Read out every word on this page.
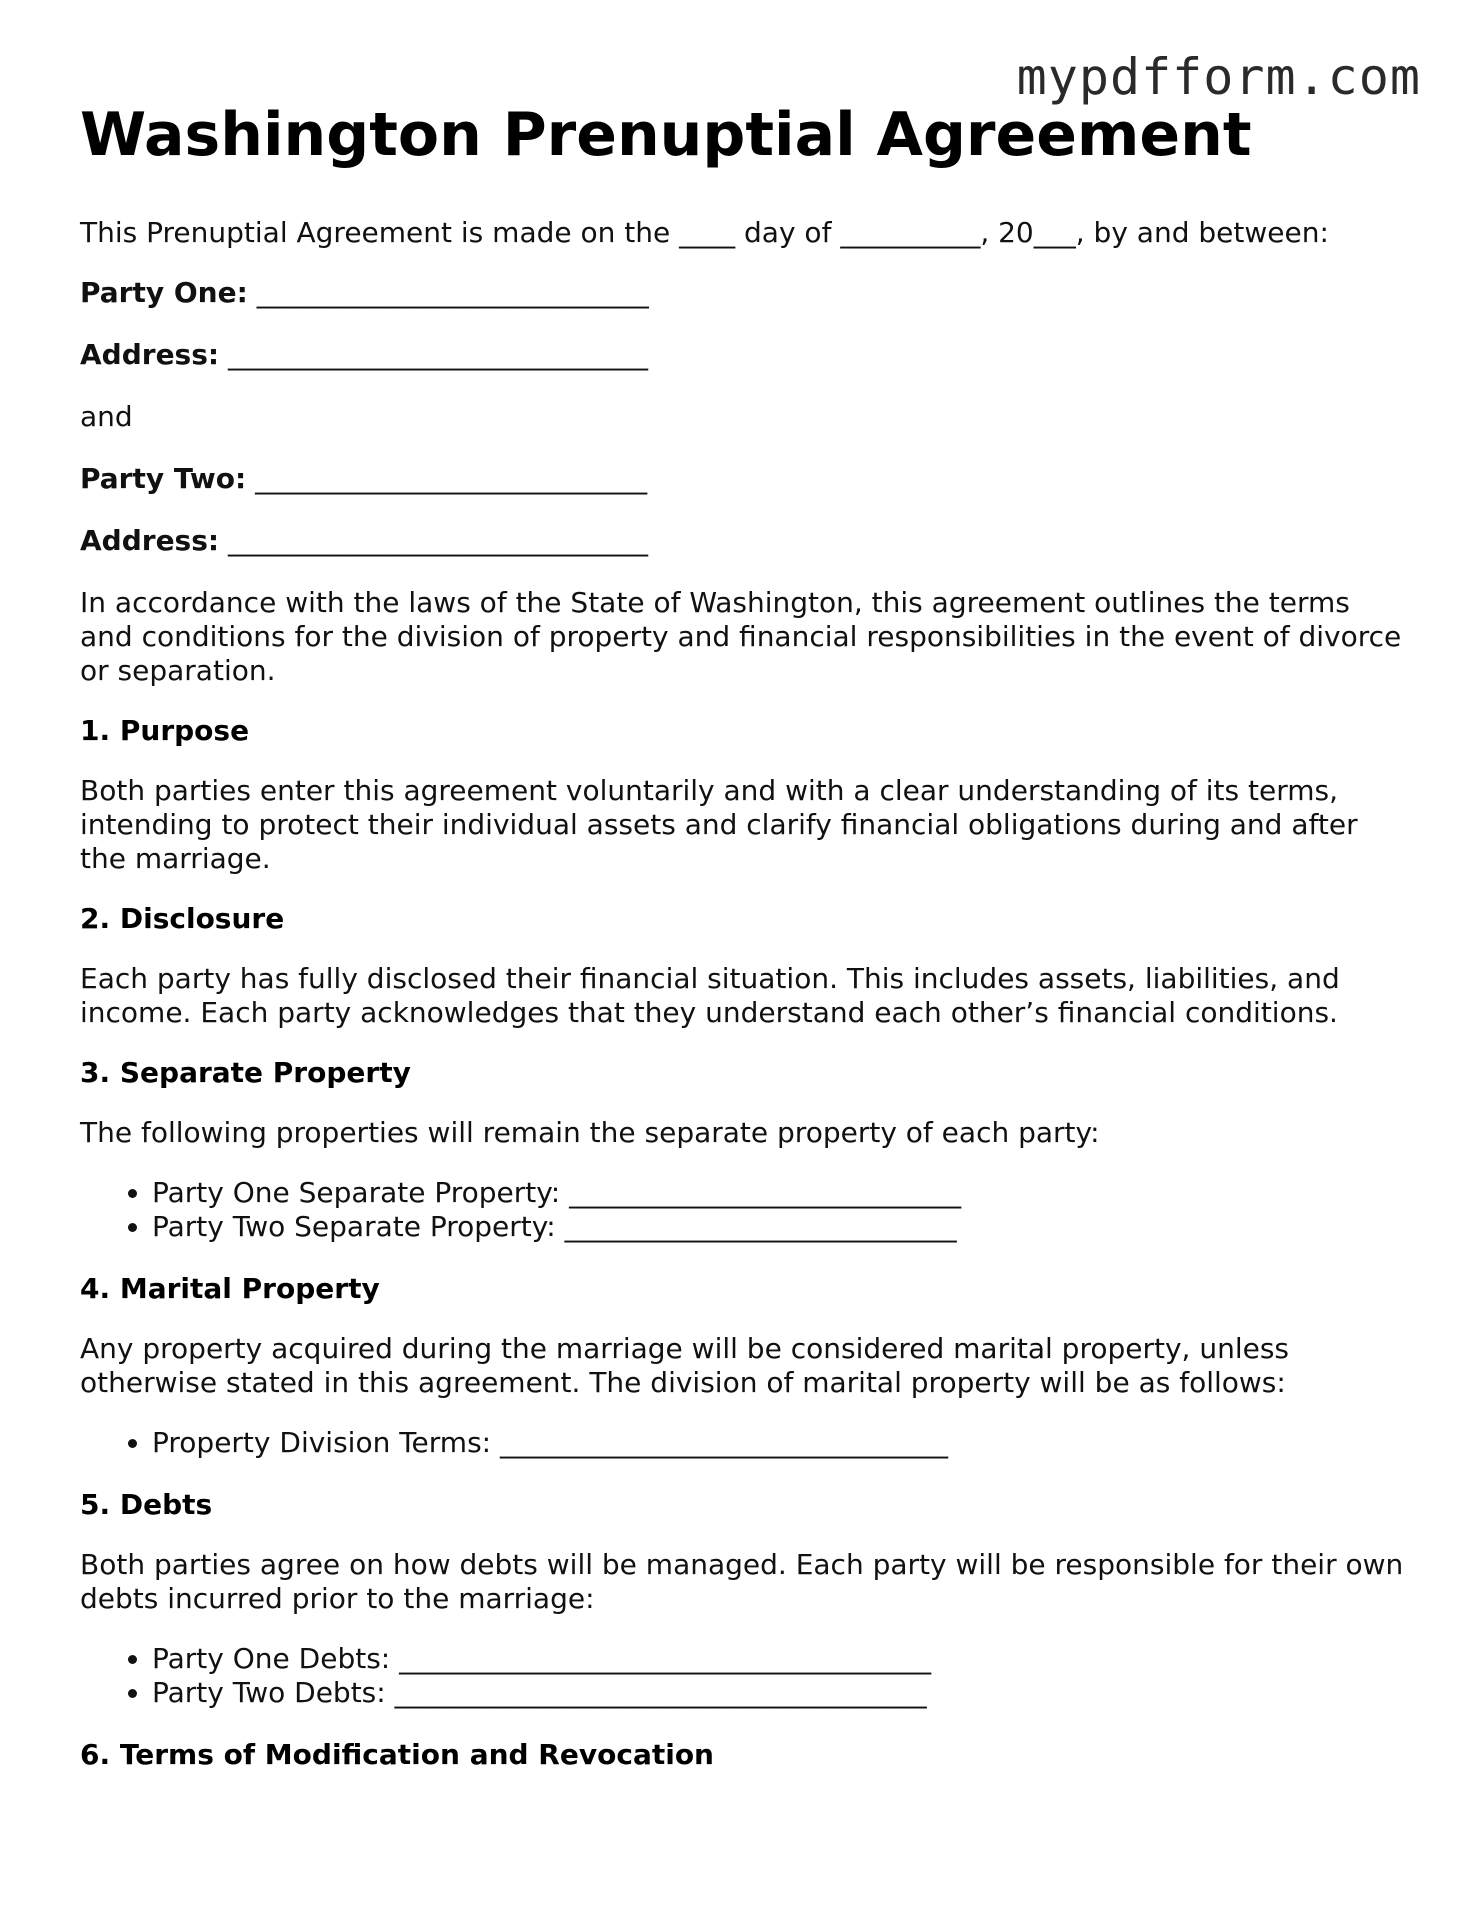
mypdfform.com
Washington Prenuptial Agreement

This Prenuptial Agreement is made on the ____ day of __________, 20___, by and between:

Party One: ____________________________
Address: ______________________________
and
Party Two: ____________________________
Address: ______________________________

In accordance with the laws of the State of Washington, this agreement outlines the terms and conditions for the division of property and financial responsibilities in the event of divorce or separation.

1. Purpose

Both parties enter this agreement voluntarily and with a clear understanding of its terms, intending to protect their individual assets and clarify financial obligations during and after the marriage.

2. Disclosure

Each party has fully disclosed their financial situation. This includes assets, liabilities, and income. Each party acknowledges that they understand each other’s financial conditions.

3. Separate Property

The following properties will remain the separate property of each party:

• Party One Separate Property: ____________________________
• Party Two Separate Property: ____________________________
4. Marital Property

Any property acquired during the marriage will be considered marital property, unless otherwise stated in this agreement. The division of marital property will be as follows:

• Property Division Terms: ________________________________
5. Debts

Both parties agree on how debts will be managed. Each party will be responsible for their own debts incurred prior to the marriage:

• Party One Debts: ______________________________________
• Party Two Debts: ______________________________________
6. Terms of Modification and Revocation
